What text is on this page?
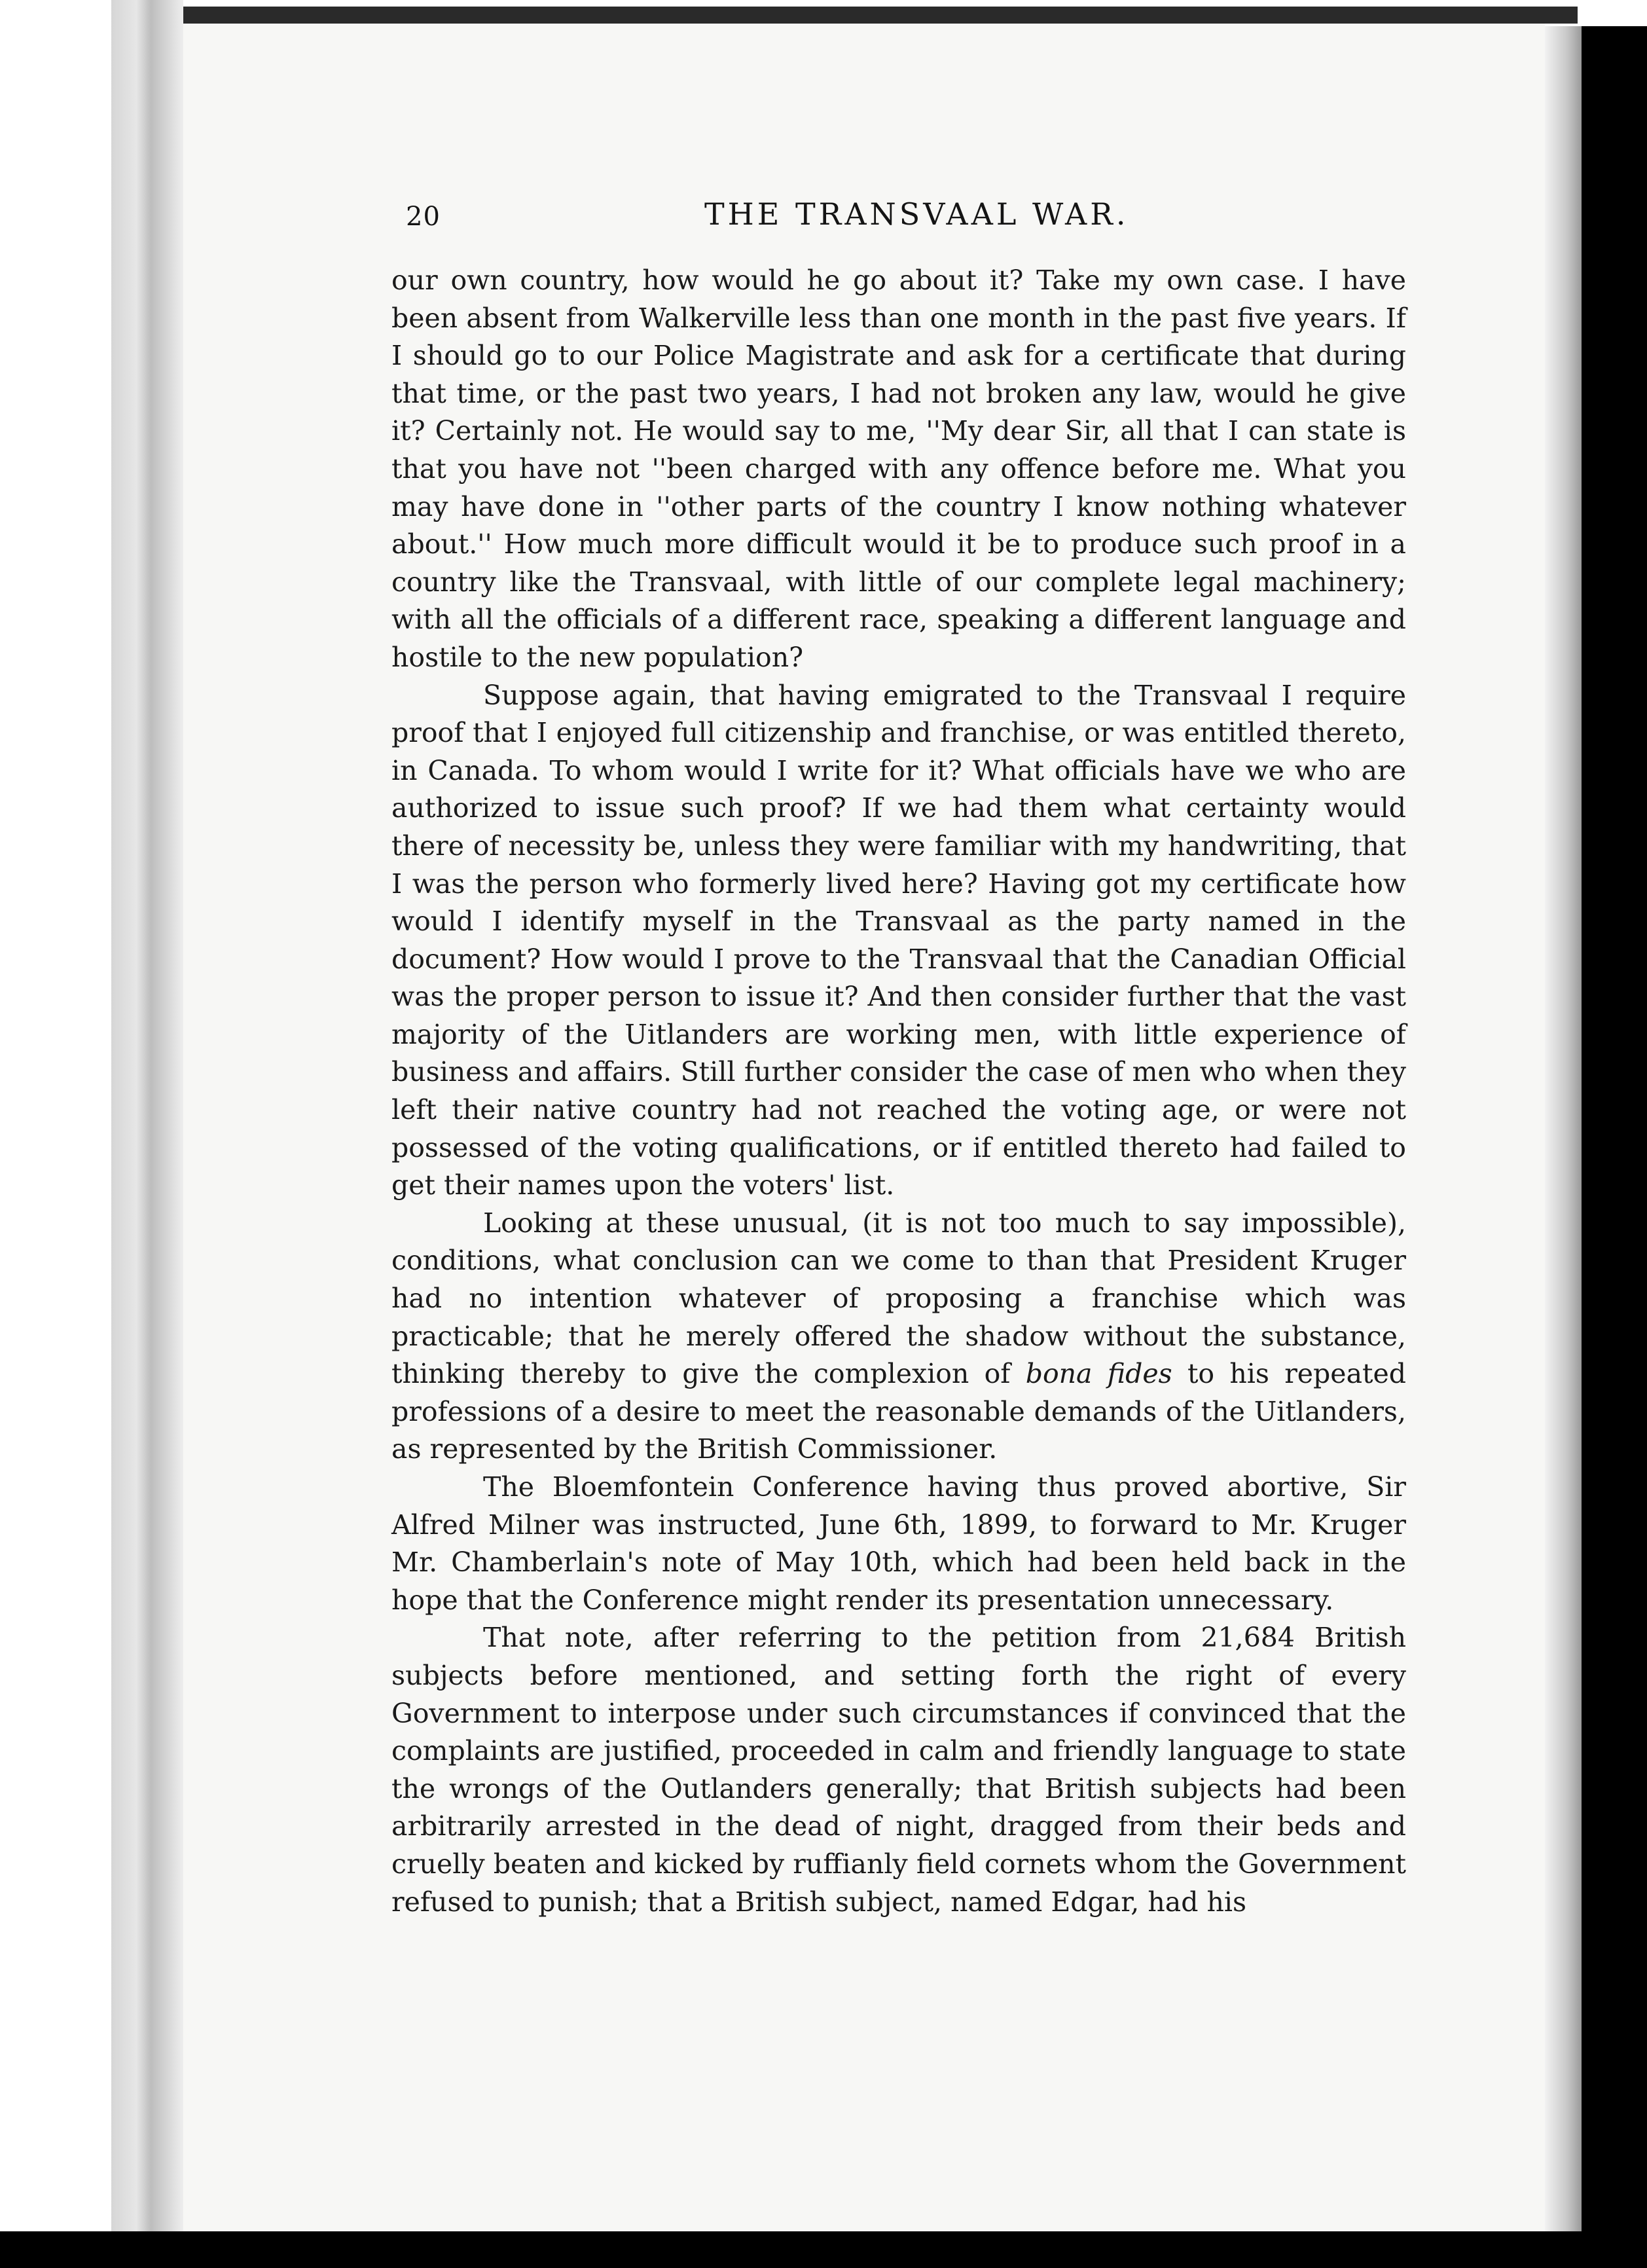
20	THE TRANSVAAL WAR.

our own country, how would he go about it? Take my own case. I have been absent from Walkerville less than one month in the past five years. If I should go to our Police Magistrate and ask for a certificate that during that time, or the past two years, I had not broken any law, would he give it? Certainly not. He would say to me, ''My dear Sir, all that I can state is that you have not ''been charged with any offence before me. What you may have done in ''other parts of the country I know nothing whatever about.'' How much more difficult would it be to produce such proof in a country like the Transvaal, with little of our complete legal machinery; with all the officials of a different race, speaking a different language and hostile to the new population?

Suppose again, that having emigrated to the Transvaal I require proof that I enjoyed full citizenship and franchise, or was entitled thereto, in Canada. To whom would I write for it? What officials have we who are authorized to issue such proof? If we had them what certainty would there of necessity be, unless they were familiar with my handwriting, that I was the person who formerly lived here? Having got my certificate how would I identify myself in the Transvaal as the party named in the document? How would I prove to the Transvaal that the Canadian Official was the proper person to issue it? And then consider further that the vast majority of the Uitlanders are working men, with little experience of business and affairs. Still further consider the case of men who when they left their native country had not reached the voting age, or were not possessed of the voting qualifications, or if entitled thereto had failed to get their names upon the voters' list.

Looking at these unusual, (it is not too much to say impossible), conditions, what conclusion can we come to than that President Kruger had no intention whatever of proposing a franchise which was practicable; that he merely offered the shadow without the substance, thinking thereby to give the complexion of bona fides to his repeated professions of a desire to meet the reasonable demands of the Uitlanders, as represented by the British Commissioner.

The Bloemfontein Conference having thus proved abortive, Sir Alfred Milner was instructed, June 6th, 1899, to forward to Mr. Kruger Mr. Chamberlain's note of May 10th, which had been held back in the hope that the Conference might render its presentation unnecessary.

That note, after referring to the petition from 21,684 British subjects before mentioned, and setting forth the right of every Government to interpose under such circumstances if convinced that the complaints are justified, proceeded in calm and friendly language to state the wrongs of the Outlanders generally; that British subjects had been arbitrarily arrested in the dead of night, dragged from their beds and cruelly beaten and kicked by ruffianly field cornets whom the Government refused to punish; that a British subject, named Edgar, had his
